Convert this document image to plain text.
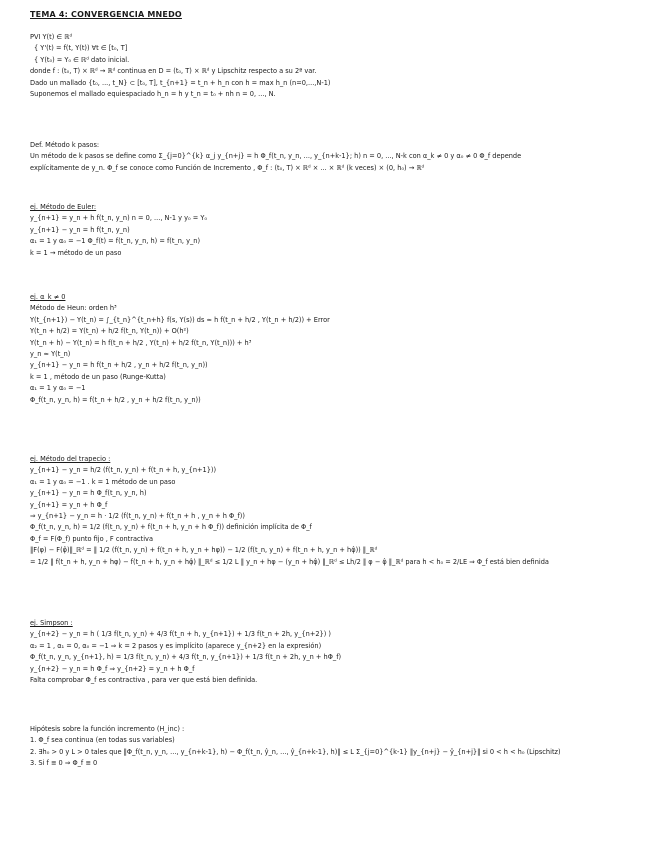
TEMA 4: CONVERGENCIA MNEDO
PVI Y(t) ∈ ℝᵈ
{ Y'(t) = f(t, Y(t)) ∀t ∈ [t₀, T]
{ Y(t₀) = Y₀ ∈ ℝᵈ dato inicial.
donde f : (t₀, T) × ℝᵈ → ℝᵈ continua en D = (t₀, T) × ℝᵈ y Lipschitz respecto a su 2ª var.
Dado un mallado {t₀, ..., t_N} ⊂ [t₀, T], t_{n+1} = t_n + h_n con h = max h_n (n=0,...,N-1)
Suponemos el mallado equiespaciado h_n = h y t_n = t₀ + nh n = 0, ..., N.
Def. Método k pasos:
Un método de k pasos se define como Σ_{j=0}^{k} α_j y_{n+j} = h Φ_f(t_n, y_n, ..., y_{n+k-1}; h) n = 0, ..., N-k con α_k ≠ 0 y α₀ ≠ 0 Φ_f depende
explícitamente de y_n. Φ_f se conoce como Función de Incremento , Φ_f : (t₀, T) × ℝᵈ × ... × ℝᵈ (k veces) × (0, h₀) → ℝᵈ
ej. Método de Euler:
y_{n+1} = y_n + h f(t_n, y_n) n = 0, ..., N-1 y y₀ = Y₀
y_{n+1} − y_n = h f(t_n, y_n)
α₁ = 1 y α₀ = −1 Φ_f(t) = f(t_n, y_n, h) = f(t_n, y_n)
k = 1 → método de un paso
ej. α_k ≠ 0
Método de Heun: orden h³
Y(t_{n+1}) − Y(t_n) = ∫_{t_n}^{t_n+h} f(s, Y(s)) ds ≈ h f(t_n + h/2 , Y(t_n + h/2)) + Error
Y(t_n + h/2) = Y(t_n) + h/2 f(t_n, Y(t_n)) + O(h²)
Y(t_n + h) − Y(t_n) = h f(t_n + h/2 , Y(t_n) + h/2 f(t_n, Y(t_n))) + h³
y_n ≈ Y(t_n)
y_{n+1} − y_n = h f(t_n + h/2 , y_n + h/2 f(t_n, y_n))
k = 1 , método de un paso (Runge-Kutta)
α₁ = 1 y α₀ = −1
Φ_f(t_n, y_n, h) = f(t_n + h/2 , y_n + h/2 f(t_n, y_n))
ej. Método del trapecio :
y_{n+1} − y_n = h/2 (f(t_n, y_n) + f(t_n + h, y_{n+1}))
α₁ = 1 y α₀ = −1 . k = 1 método de un paso
y_{n+1} − y_n = h Φ_f(t_n, y_n, h)
y_{n+1} = y_n + h Φ_f
⇒ y_{n+1} − y_n = h · 1/2 (f(t_n, y_n) + f(t_n + h , y_n + h Φ_f))
Φ_f(t_n, y_n, h) = 1/2 (f(t_n, y_n) + f(t_n + h, y_n + h Φ_f)) definición implícita de Φ_f
Φ_f = F(Φ_f) punto fijo , F contractiva
‖F(φ) − F(φ̂)‖_ℝᵈ = ‖ 1/2 (f(t_n, y_n) + f(t_n + h, y_n + hφ)) − 1/2 (f(t_n, y_n) + f(t_n + h, y_n + hφ̂)) ‖_ℝᵈ
= 1/2 ‖ f(t_n + h, y_n + hφ) − f(t_n + h, y_n + hφ̂) ‖_ℝᵈ ≤ 1/2 L ‖ y_n + hφ − (y_n + hφ̂) ‖_ℝᵈ ≤ Lh/2 ‖ φ − φ̂ ‖_ℝᵈ para h < h₀ = 2/LE ⇒ Φ_f está bien definida
ej. Simpson :
y_{n+2} − y_n = h ( 1/3 f(t_n, y_n) + 4/3 f(t_n + h, y_{n+1}) + 1/3 f(t_n + 2h, y_{n+2}) )
α₂ = 1 , α₁ = 0, α₀ = −1 ⇒ k = 2 pasos y es implícito (aparece y_{n+2} en la expresión)
Φ_f(t_n, y_n, y_{n+1}, h) = 1/3 f(t_n, y_n) + 4/3 f(t_n, y_{n+1}) + 1/3 f(t_n + 2h, y_n + hΦ_f)
y_{n+2} − y_n = h Φ_f ⇒ y_{n+2} = y_n + h Φ_f
Falta comprobar Φ_f es contractiva , para ver que está bien definida.
Hipótesis sobre la función incremento (H_inc) :
1. Φ_f sea continua (en todas sus variables)
2. ∃h₀ > 0 y L > 0 tales que ‖Φ_f(t_n, y_n, ..., y_{n+k-1}, h) − Φ_f(t_n, ŷ_n, ..., ŷ_{n+k-1}, h)‖ ≤ L Σ_{j=0}^{k-1} ‖y_{n+j} − ŷ_{n+j}‖ si 0 < h < h₀ (Lipschitz)
3. Si f ≡ 0 ⇒ Φ_f ≡ 0
